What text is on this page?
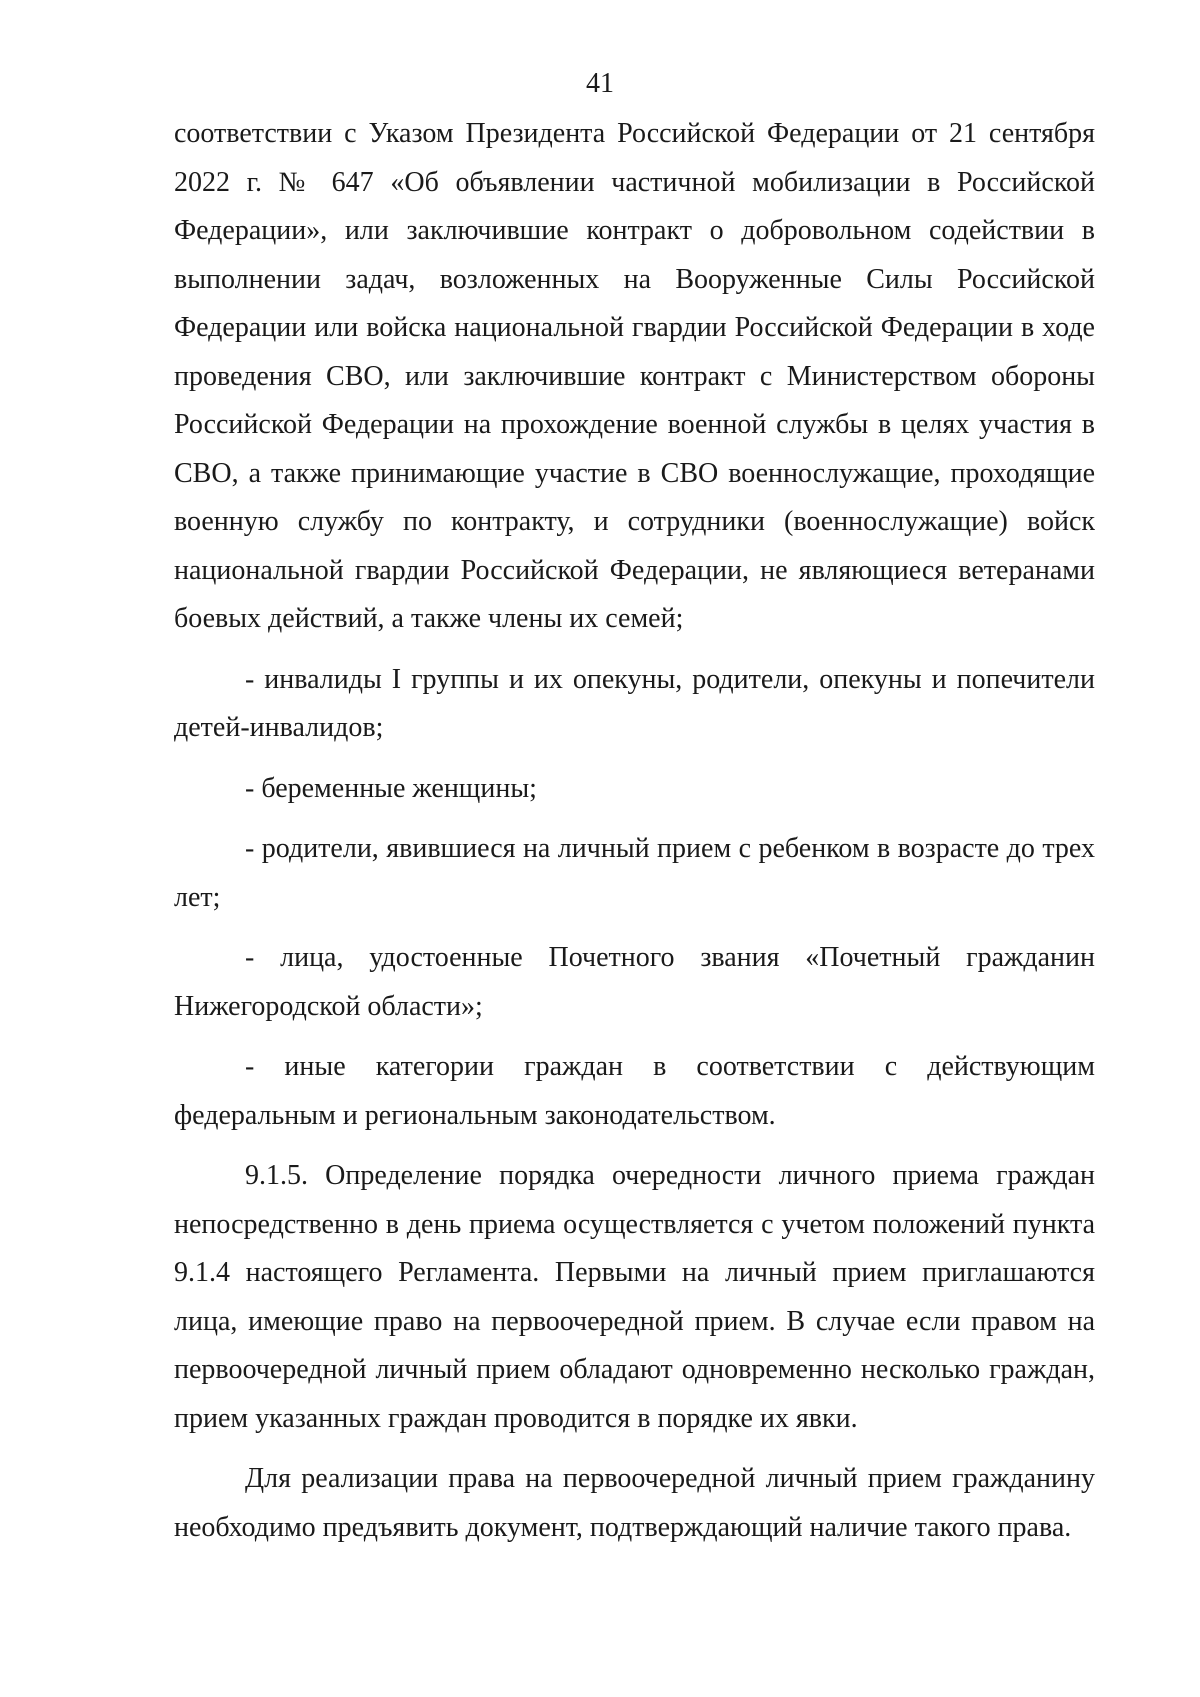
41

соответствии с Указом Президента Российской Федерации от 21 сентября 2022 г. № 647 «Об объявлении частичной мобилизации в Российской Федерации», или заключившие контракт о добровольном содействии в выполнении задач, возложенных на Вооруженные Силы Российской Федерации или войска национальной гвардии Российской Федерации в ходе проведения СВО, или заключившие контракт с Министерством обороны Российской Федерации на прохождение военной службы в целях участия в СВО, а также принимающие участие в СВО военнослужащие, проходящие военную службу по контракту, и сотрудники (военнослужащие) войск национальной гвардии Российской Федерации, не являющиеся ветеранами боевых действий, а также члены их семей;

- инвалиды I группы и их опекуны, родители, опекуны и попечители детей-инвалидов;

- беременные женщины;

- родители, явившиеся на личный прием с ребенком в возрасте до трех лет;

- лица, удостоенные Почетного звания «Почетный гражданин Нижегородской области»;

- иные категории граждан в соответствии с действующим федеральным и региональным законодательством.

9.1.5. Определение порядка очередности личного приема граждан непосредственно в день приема осуществляется с учетом положений пункта 9.1.4 настоящего Регламента. Первыми на личный прием приглашаются лица, имеющие право на первоочередной прием. В случае если правом на первоочередной личный прием обладают одновременно несколько граждан, прием указанных граждан проводится в порядке их явки.

Для реализации права на первоочередной личный прием гражданину необходимо предъявить документ, подтверждающий наличие такого права.
